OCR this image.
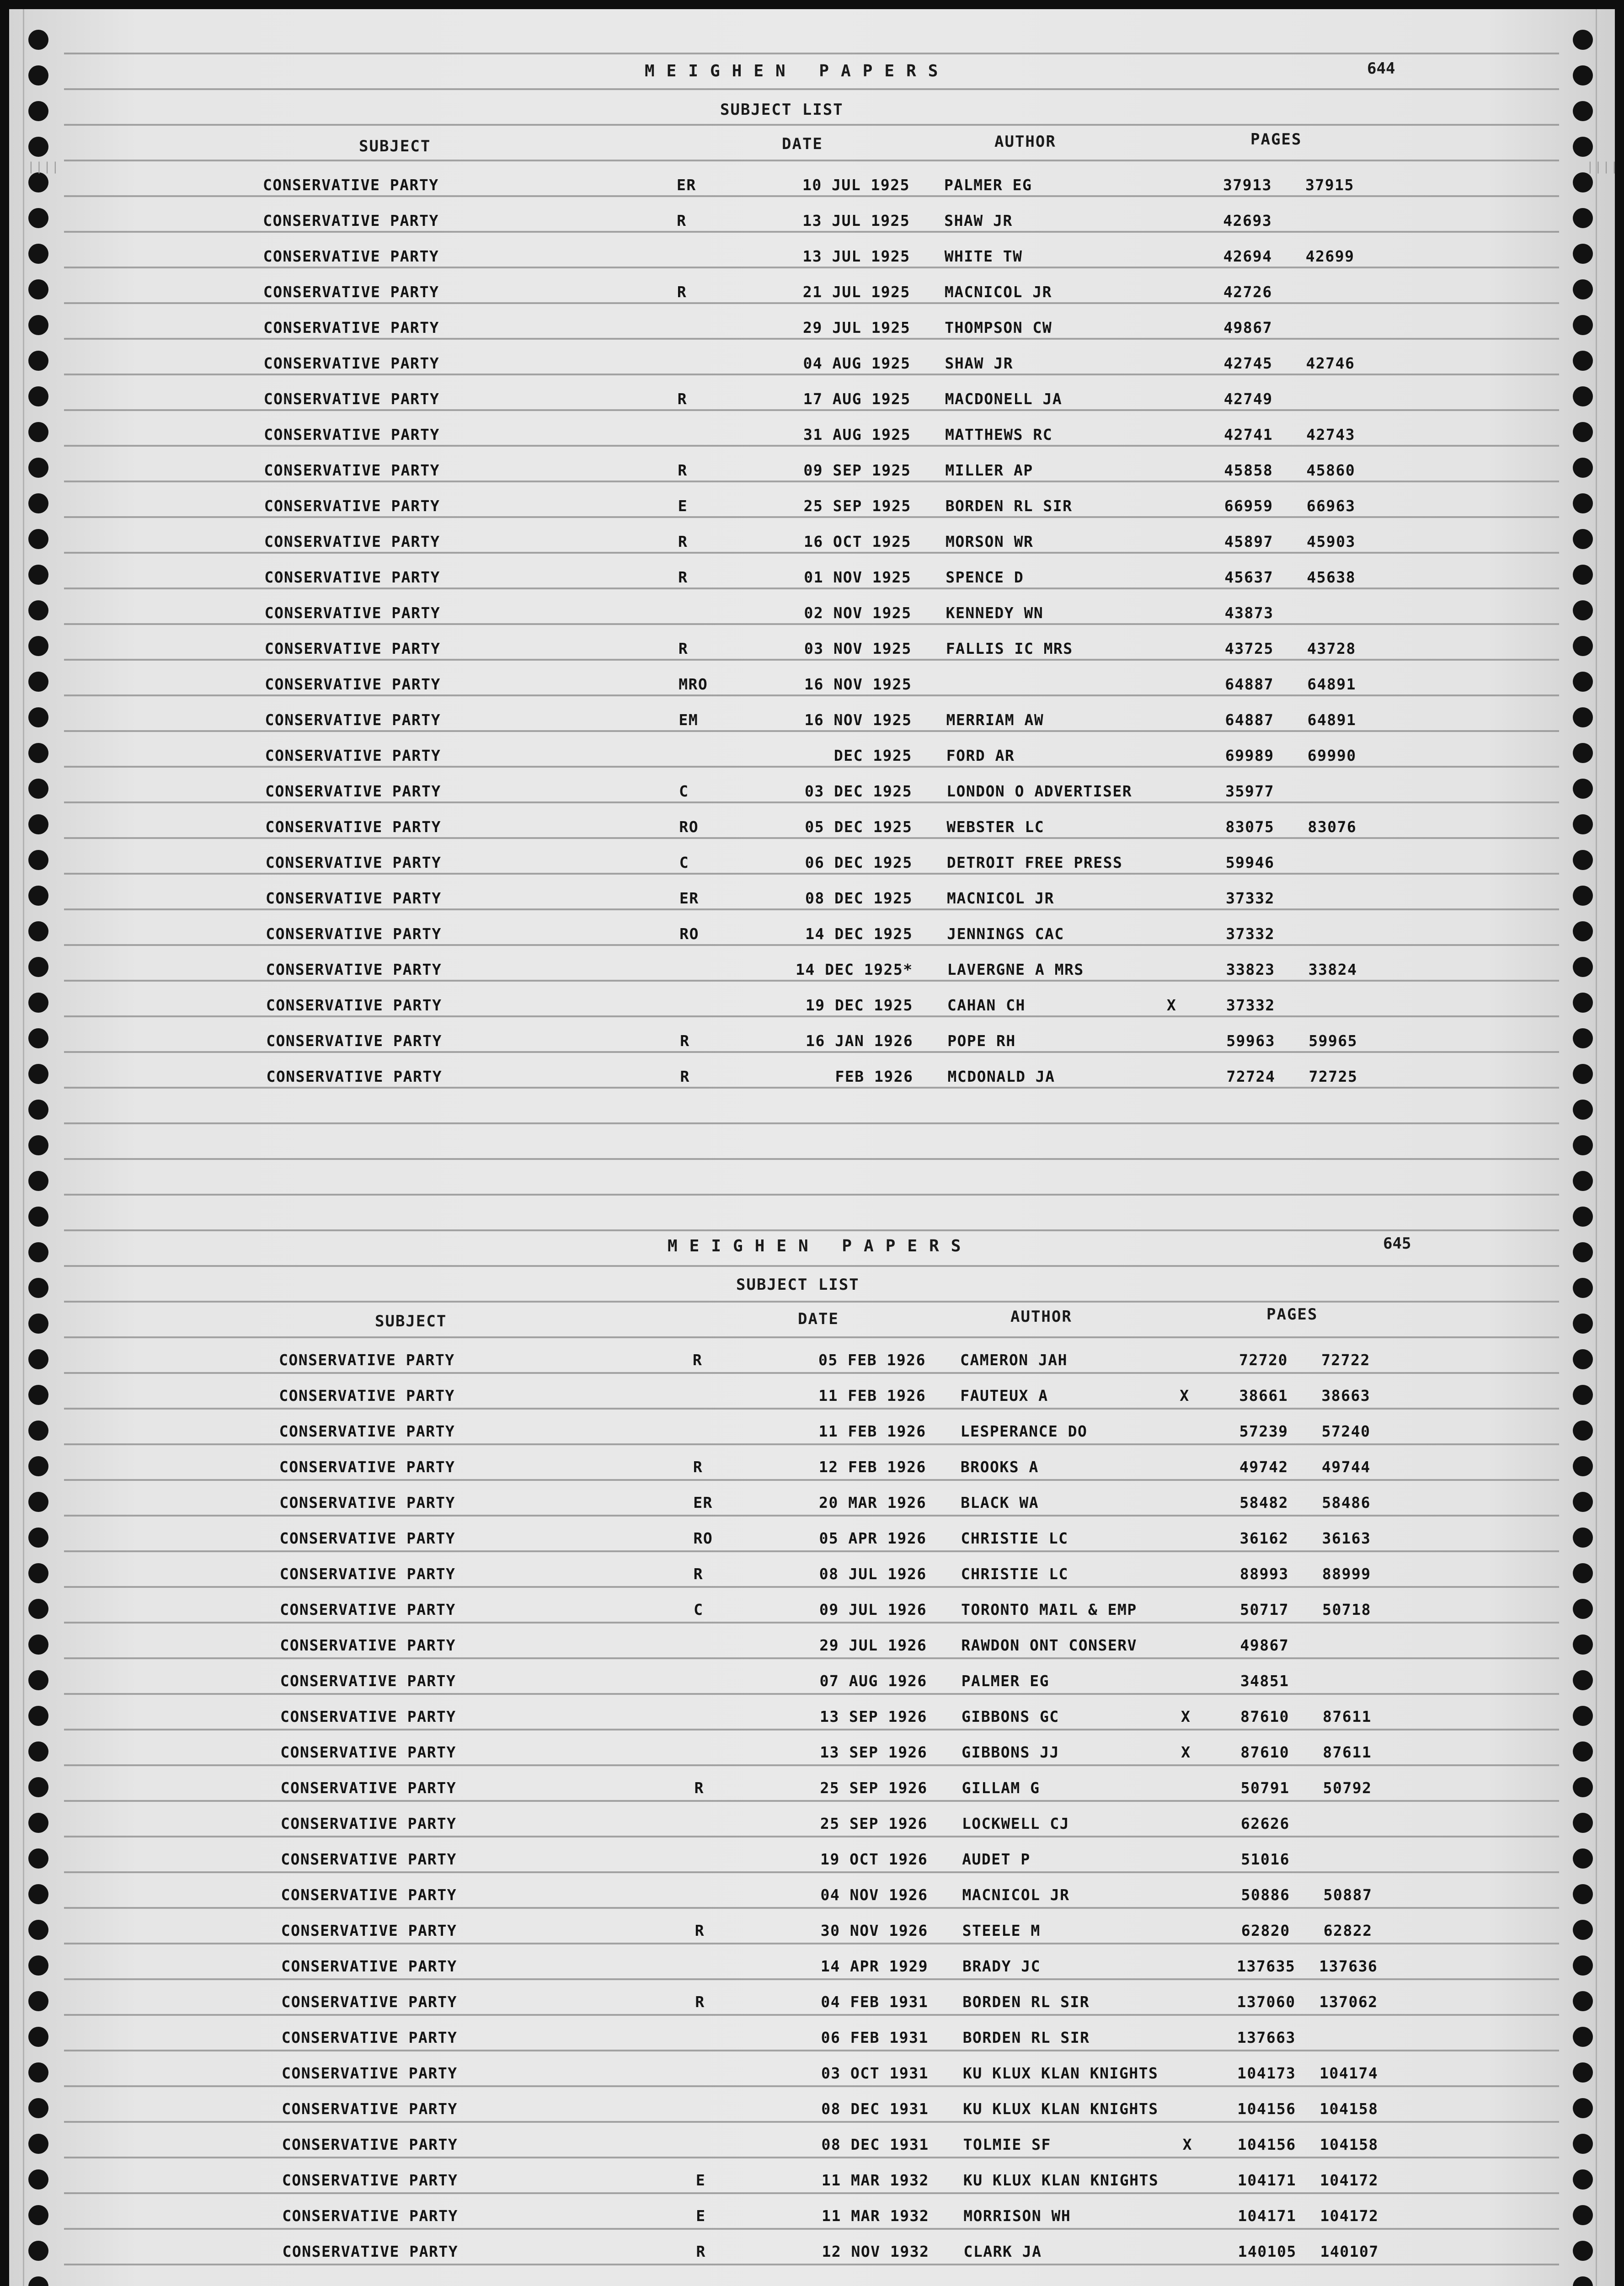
||||	||||
MEIGHEN PAPERS	644
SUBJECT LIST
SUBJECT	DATE	AUTHOR	PAGES
CONSERVATIVE PARTY	ER	10 JUL 1925 PALMER EG	37913 37915
CONSERVATIVE PARTY	R	13 JUL 1925 SHAW JR	42693
CONSERVATIVE PARTY	13 JUL 1925 WHITE TW	42694 42699
CONSERVATIVE PARTY	R	21 JUL 1925 MACNICOL JR	42726
CONSERVATIVE PARTY	29 JUL 1925 THOMPSON CW	49867
CONSERVATIVE PARTY	04 AUG 1925 SHAW JR	42745 42746
CONSERVATIVE PARTY	R	17 AUG 1925 MACDONELL JA	42749
CONSERVATIVE PARTY	31 AUG 1925 MATTHEWS RC	42741 42743
CONSERVATIVE PARTY	R	09 SEP 1925 MILLER AP	45858 45860
CONSERVATIVE PARTY	E	25 SEP 1925 BORDEN RL SIR	66959 66963
CONSERVATIVE PARTY	R	16 OCT 1925 MORSON WR	45897 45903
CONSERVATIVE PARTY	R	01 NOV 1925 SPENCE D	45637 45638
CONSERVATIVE PARTY	02 NOV 1925 KENNEDY WN	43873
CONSERVATIVE PARTY	R	03 NOV 1925 FALLIS IC MRS	43725 43728
CONSERVATIVE PARTY	MRO	16 NOV 1925	64887 64891
CONSERVATIVE PARTY	EM	16 NOV 1925 MERRIAM AW	64887 64891
CONSERVATIVE PARTY	DEC 1925 FORD AR	69989 69990
CONSERVATIVE PARTY	C	03 DEC 1925 LONDON O ADVERTISER	35977
CONSERVATIVE PARTY	RO	05 DEC 1925 WEBSTER LC	83075 83076
CONSERVATIVE PARTY	C	06 DEC 1925 DETROIT FREE PRESS	59946
CONSERVATIVE PARTY	ER	08 DEC 1925 MACNICOL JR	37332
CONSERVATIVE PARTY	RO	14 DEC 1925 JENNINGS CAC	37332
CONSERVATIVE PARTY	14 DEC 1925* LAVERGNE A MRS	33823 33824
CONSERVATIVE PARTY	19 DEC 1925 CAHAN CH	X	37332
CONSERVATIVE PARTY	R	16 JAN 1926 POPE RH	59963 59965
CONSERVATIVE PARTY	R	FEB 1926 MCDONALD JA	72724 72725
MEIGHEN PAPERS	645
SUBJECT LIST
SUBJECT	DATE	AUTHOR	PAGES
CONSERVATIVE PARTY	R	05 FEB 1926 CAMERON JAH	72720 72722
CONSERVATIVE PARTY	11 FEB 1926 FAUTEUX A	X	38661 38663
CONSERVATIVE PARTY	11 FEB 1926 LESPERANCE DO	57239 57240
CONSERVATIVE PARTY	R	12 FEB 1926 BROOKS A	49742 49744
CONSERVATIVE PARTY	ER	20 MAR 1926 BLACK WA	58482 58486
CONSERVATIVE PARTY	RO	05 APR 1926 CHRISTIE LC	36162 36163
CONSERVATIVE PARTY	R	08 JUL 1926 CHRISTIE LC	88993 88999
CONSERVATIVE PARTY	C	09 JUL 1926 TORONTO MAIL & EMP	50717 50718
CONSERVATIVE PARTY	29 JUL 1926 RAWDON ONT CONSERV	49867
CONSERVATIVE PARTY	07 AUG 1926 PALMER EG	34851
CONSERVATIVE PARTY	13 SEP 1926 GIBBONS GC	X	87610 87611
CONSERVATIVE PARTY	13 SEP 1926 GIBBONS JJ	X	87610 87611
CONSERVATIVE PARTY	R	25 SEP 1926 GILLAM G	50791 50792
CONSERVATIVE PARTY	25 SEP 1926 LOCKWELL CJ	62626
CONSERVATIVE PARTY	19 OCT 1926 AUDET P	51016
CONSERVATIVE PARTY	04 NOV 1926 MACNICOL JR	50886 50887
CONSERVATIVE PARTY	R	30 NOV 1926 STEELE M	62820 62822
CONSERVATIVE PARTY	14 APR 1929 BRADY JC	137635 137636
CONSERVATIVE PARTY	R	04 FEB 1931 BORDEN RL SIR	137060 137062
CONSERVATIVE PARTY	06 FEB 1931 BORDEN RL SIR	137663
CONSERVATIVE PARTY	03 OCT 1931 KU KLUX KLAN KNIGHTS	104173 104174
CONSERVATIVE PARTY	08 DEC 1931 KU KLUX KLAN KNIGHTS	104156 104158
CONSERVATIVE PARTY	08 DEC 1931 TOLMIE SF	X	104156 104158
CONSERVATIVE PARTY	E	11 MAR 1932 KU KLUX KLAN KNIGHTS	104171 104172
CONSERVATIVE PARTY	E	11 MAR 1932 MORRISON WH	104171 104172
CONSERVATIVE PARTY	R	12 NOV 1932 CLARK JA	140105 140107
